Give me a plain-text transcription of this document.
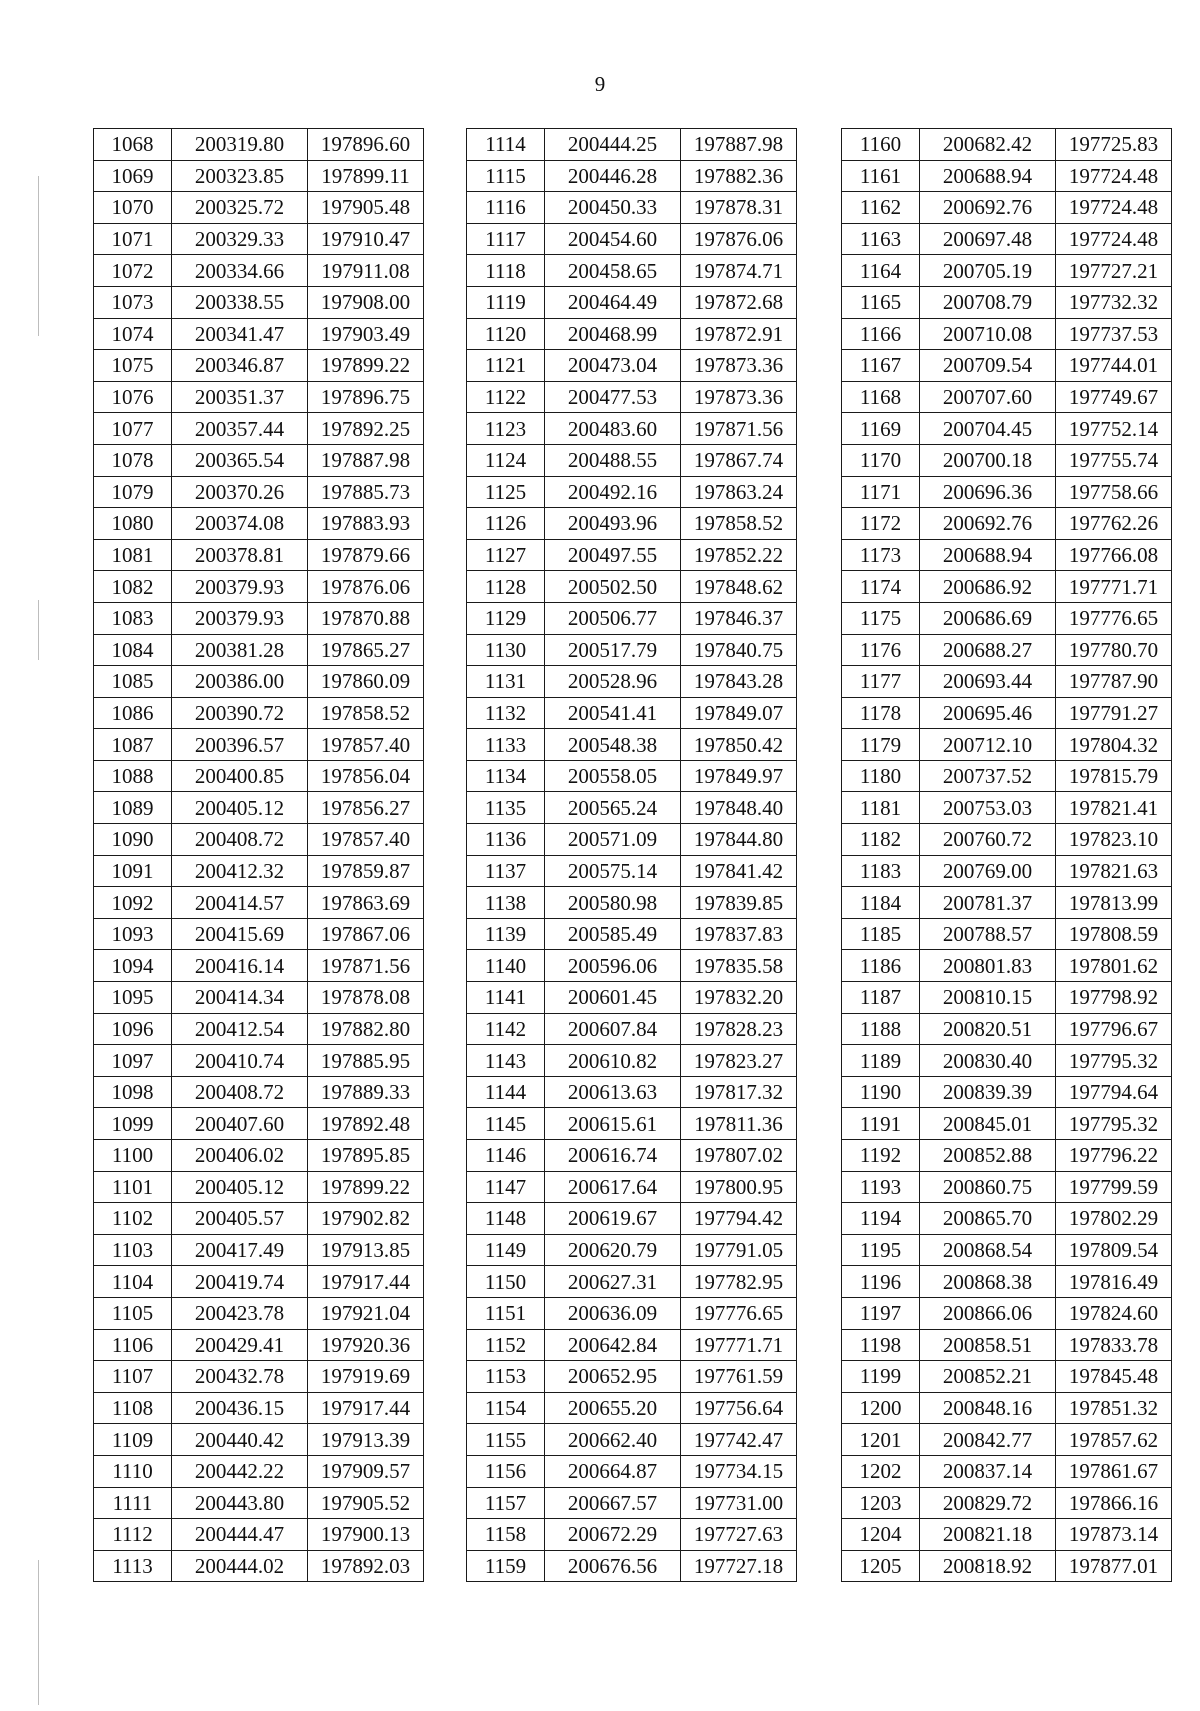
9
1068	200319.80	197896.60
1069	200323.85	197899.11
1070	200325.72	197905.48
1071	200329.33	197910.47
1072	200334.66	197911.08
1073	200338.55	197908.00
1074	200341.47	197903.49
1075	200346.87	197899.22
1076	200351.37	197896.75
1077	200357.44	197892.25
1078	200365.54	197887.98
1079	200370.26	197885.73
1080	200374.08	197883.93
1081	200378.81	197879.66
1082	200379.93	197876.06
1083	200379.93	197870.88
1084	200381.28	197865.27
1085	200386.00	197860.09
1086	200390.72	197858.52
1087	200396.57	197857.40
1088	200400.85	197856.04
1089	200405.12	197856.27
1090	200408.72	197857.40
1091	200412.32	197859.87
1092	200414.57	197863.69
1093	200415.69	197867.06
1094	200416.14	197871.56
1095	200414.34	197878.08
1096	200412.54	197882.80
1097	200410.74	197885.95
1098	200408.72	197889.33
1099	200407.60	197892.48
1100	200406.02	197895.85
1101	200405.12	197899.22
1102	200405.57	197902.82
1103	200417.49	197913.85
1104	200419.74	197917.44
1105	200423.78	197921.04
1106	200429.41	197920.36
1107	200432.78	197919.69
1108	200436.15	197917.44
1109	200440.42	197913.39
1110	200442.22	197909.57
1111	200443.80	197905.52
1112	200444.47	197900.13
1113	200444.02	197892.03
1114	200444.25	197887.98
1115	200446.28	197882.36
1116	200450.33	197878.31
1117	200454.60	197876.06
1118	200458.65	197874.71
1119	200464.49	197872.68
1120	200468.99	197872.91
1121	200473.04	197873.36
1122	200477.53	197873.36
1123	200483.60	197871.56
1124	200488.55	197867.74
1125	200492.16	197863.24
1126	200493.96	197858.52
1127	200497.55	197852.22
1128	200502.50	197848.62
1129	200506.77	197846.37
1130	200517.79	197840.75
1131	200528.96	197843.28
1132	200541.41	197849.07
1133	200548.38	197850.42
1134	200558.05	197849.97
1135	200565.24	197848.40
1136	200571.09	197844.80
1137	200575.14	197841.42
1138	200580.98	197839.85
1139	200585.49	197837.83
1140	200596.06	197835.58
1141	200601.45	197832.20
1142	200607.84	197828.23
1143	200610.82	197823.27
1144	200613.63	197817.32
1145	200615.61	197811.36
1146	200616.74	197807.02
1147	200617.64	197800.95
1148	200619.67	197794.42
1149	200620.79	197791.05
1150	200627.31	197782.95
1151	200636.09	197776.65
1152	200642.84	197771.71
1153	200652.95	197761.59
1154	200655.20	197756.64
1155	200662.40	197742.47
1156	200664.87	197734.15
1157	200667.57	197731.00
1158	200672.29	197727.63
1159	200676.56	197727.18
1160	200682.42	197725.83
1161	200688.94	197724.48
1162	200692.76	197724.48
1163	200697.48	197724.48
1164	200705.19	197727.21
1165	200708.79	197732.32
1166	200710.08	197737.53
1167	200709.54	197744.01
1168	200707.60	197749.67
1169	200704.45	197752.14
1170	200700.18	197755.74
1171	200696.36	197758.66
1172	200692.76	197762.26
1173	200688.94	197766.08
1174	200686.92	197771.71
1175	200686.69	197776.65
1176	200688.27	197780.70
1177	200693.44	197787.90
1178	200695.46	197791.27
1179	200712.10	197804.32
1180	200737.52	197815.79
1181	200753.03	197821.41
1182	200760.72	197823.10
1183	200769.00	197821.63
1184	200781.37	197813.99
1185	200788.57	197808.59
1186	200801.83	197801.62
1187	200810.15	197798.92
1188	200820.51	197796.67
1189	200830.40	197795.32
1190	200839.39	197794.64
1191	200845.01	197795.32
1192	200852.88	197796.22
1193	200860.75	197799.59
1194	200865.70	197802.29
1195	200868.54	197809.54
1196	200868.38	197816.49
1197	200866.06	197824.60
1198	200858.51	197833.78
1199	200852.21	197845.48
1200	200848.16	197851.32
1201	200842.77	197857.62
1202	200837.14	197861.67
1203	200829.72	197866.16
1204	200821.18	197873.14
1205	200818.92	197877.01
